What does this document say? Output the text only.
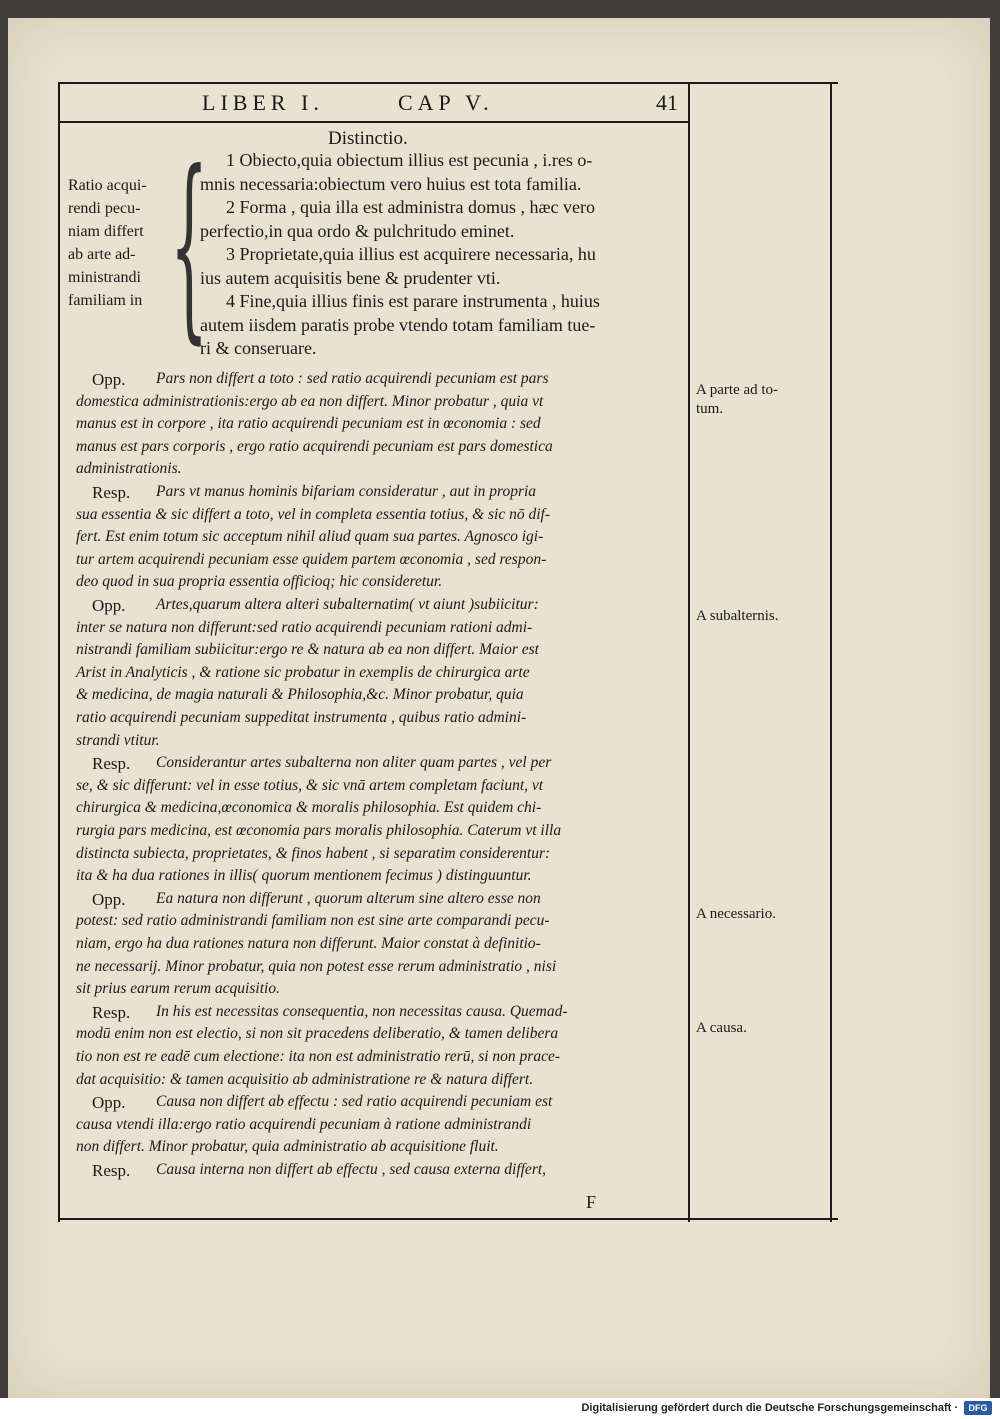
LIBER I.	CAP V.	41
Distinctio.
Ratio acqui-
rendi pecu-
niam differt
ab arte ad-
ministrandi
familiam in { 1 Obiecto,quia obiectum illius est pecunia , i.res o-
mnis necessaria:obiectum vero huius est tota familia.
2 Forma , quia illa est administra domus , hæc vero
perfectio,in qua ordo & pulchritudo eminet.
3 Proprietate,quia illius est acquirere necessaria, hu
ius autem acquisitis bene & prudenter vti.
4 Fine,quia illius finis est parare instrumenta , huius
autem iisdem paratis probe vtendo totam familiam tue-
ri & conseruare.
Opp. Pars non differt a toto : sed ratio acquirendi pecuniam est pars
domestica administrationis:ergo ab ea non differt. Minor probatur , quia vt
manus est in corpore , ita ratio acquirendi pecuniam est in œconomia : sed
manus est pars corporis , ergo ratio acquirendi pecuniam est pars domestica
administrationis.
Resp. Pars vt manus hominis bifariam consideratur , aut in propria
sua essentia & sic differt a toto, vel in completa essentia totius, & sic nō dif-
fert. Est enim totum sic acceptum nihil aliud quam sua partes. Agnosco igi-
tur artem acquirendi pecuniam esse quidem partem œconomia , sed respon-
deo quod in sua propria essentia officioq; hic consideretur.
Opp. Artes,quarum altera alteri subalternatim( vt aiunt )subiicitur:
inter se natura non differunt:sed ratio acquirendi pecuniam rationi admi-
nistrandi familiam subiicitur:ergo re & natura ab ea non differt. Maior est
Arist in Analyticis , & ratione sic probatur in exemplis de chirurgica arte
& medicina, de magia naturali & Philosophia,&c. Minor probatur, quia
ratio acquirendi pecuniam suppeditat instrumenta , quibus ratio admini-
strandi vtitur.
Resp. Considerantur artes subalterna non aliter quam partes , vel per
se, & sic differunt: vel in esse totius, & sic vnā artem completam faciunt, vt
chirurgica & medicina,œconomica & moralis philosophia. Est quidem chi-
rurgia pars medicina, est œconomia pars moralis philosophia. Caterum vt illa
distincta subiecta, proprietates, & finos habent , si separatim considerentur:
ita & ha dua rationes in illis( quorum mentionem fecimus ) distinguuntur.
Opp. Ea natura non differunt , quorum alterum sine altero esse non
potest: sed ratio administrandi familiam non est sine arte comparandi pecu-
niam, ergo ha dua rationes natura non differunt. Maior constat à definitio-
ne necessarij. Minor probatur, quia non potest esse rerum administratio , nisi
sit prius earum rerum acquisitio.
Resp. In his est necessitas consequentia, non necessitas causa. Quemad-
modū enim non est electio, si non sit pracedens deliberatio, & tamen delibera
tio non est re eadē cum electione: ita non est administratio rerū, si non prace-
dat acquisitio: & tamen acquisitio ab administratione re & natura differt.
Opp. Causa non differt ab effectu : sed ratio acquirendi pecuniam est
causa vtendi illa:ergo ratio acquirendi pecuniam à ratione administrandi
non differt. Minor probatur, quia administratio ab acquisitione fluit.
Resp. Causa interna non differt ab effectu , sed causa externa differt,
A parte ad to-
tum.
A subalternis.
A necessario.
A causa.
F
Digitalisierung gefördert durch die Deutsche Forschungsgemeinschaft ·	DFG
